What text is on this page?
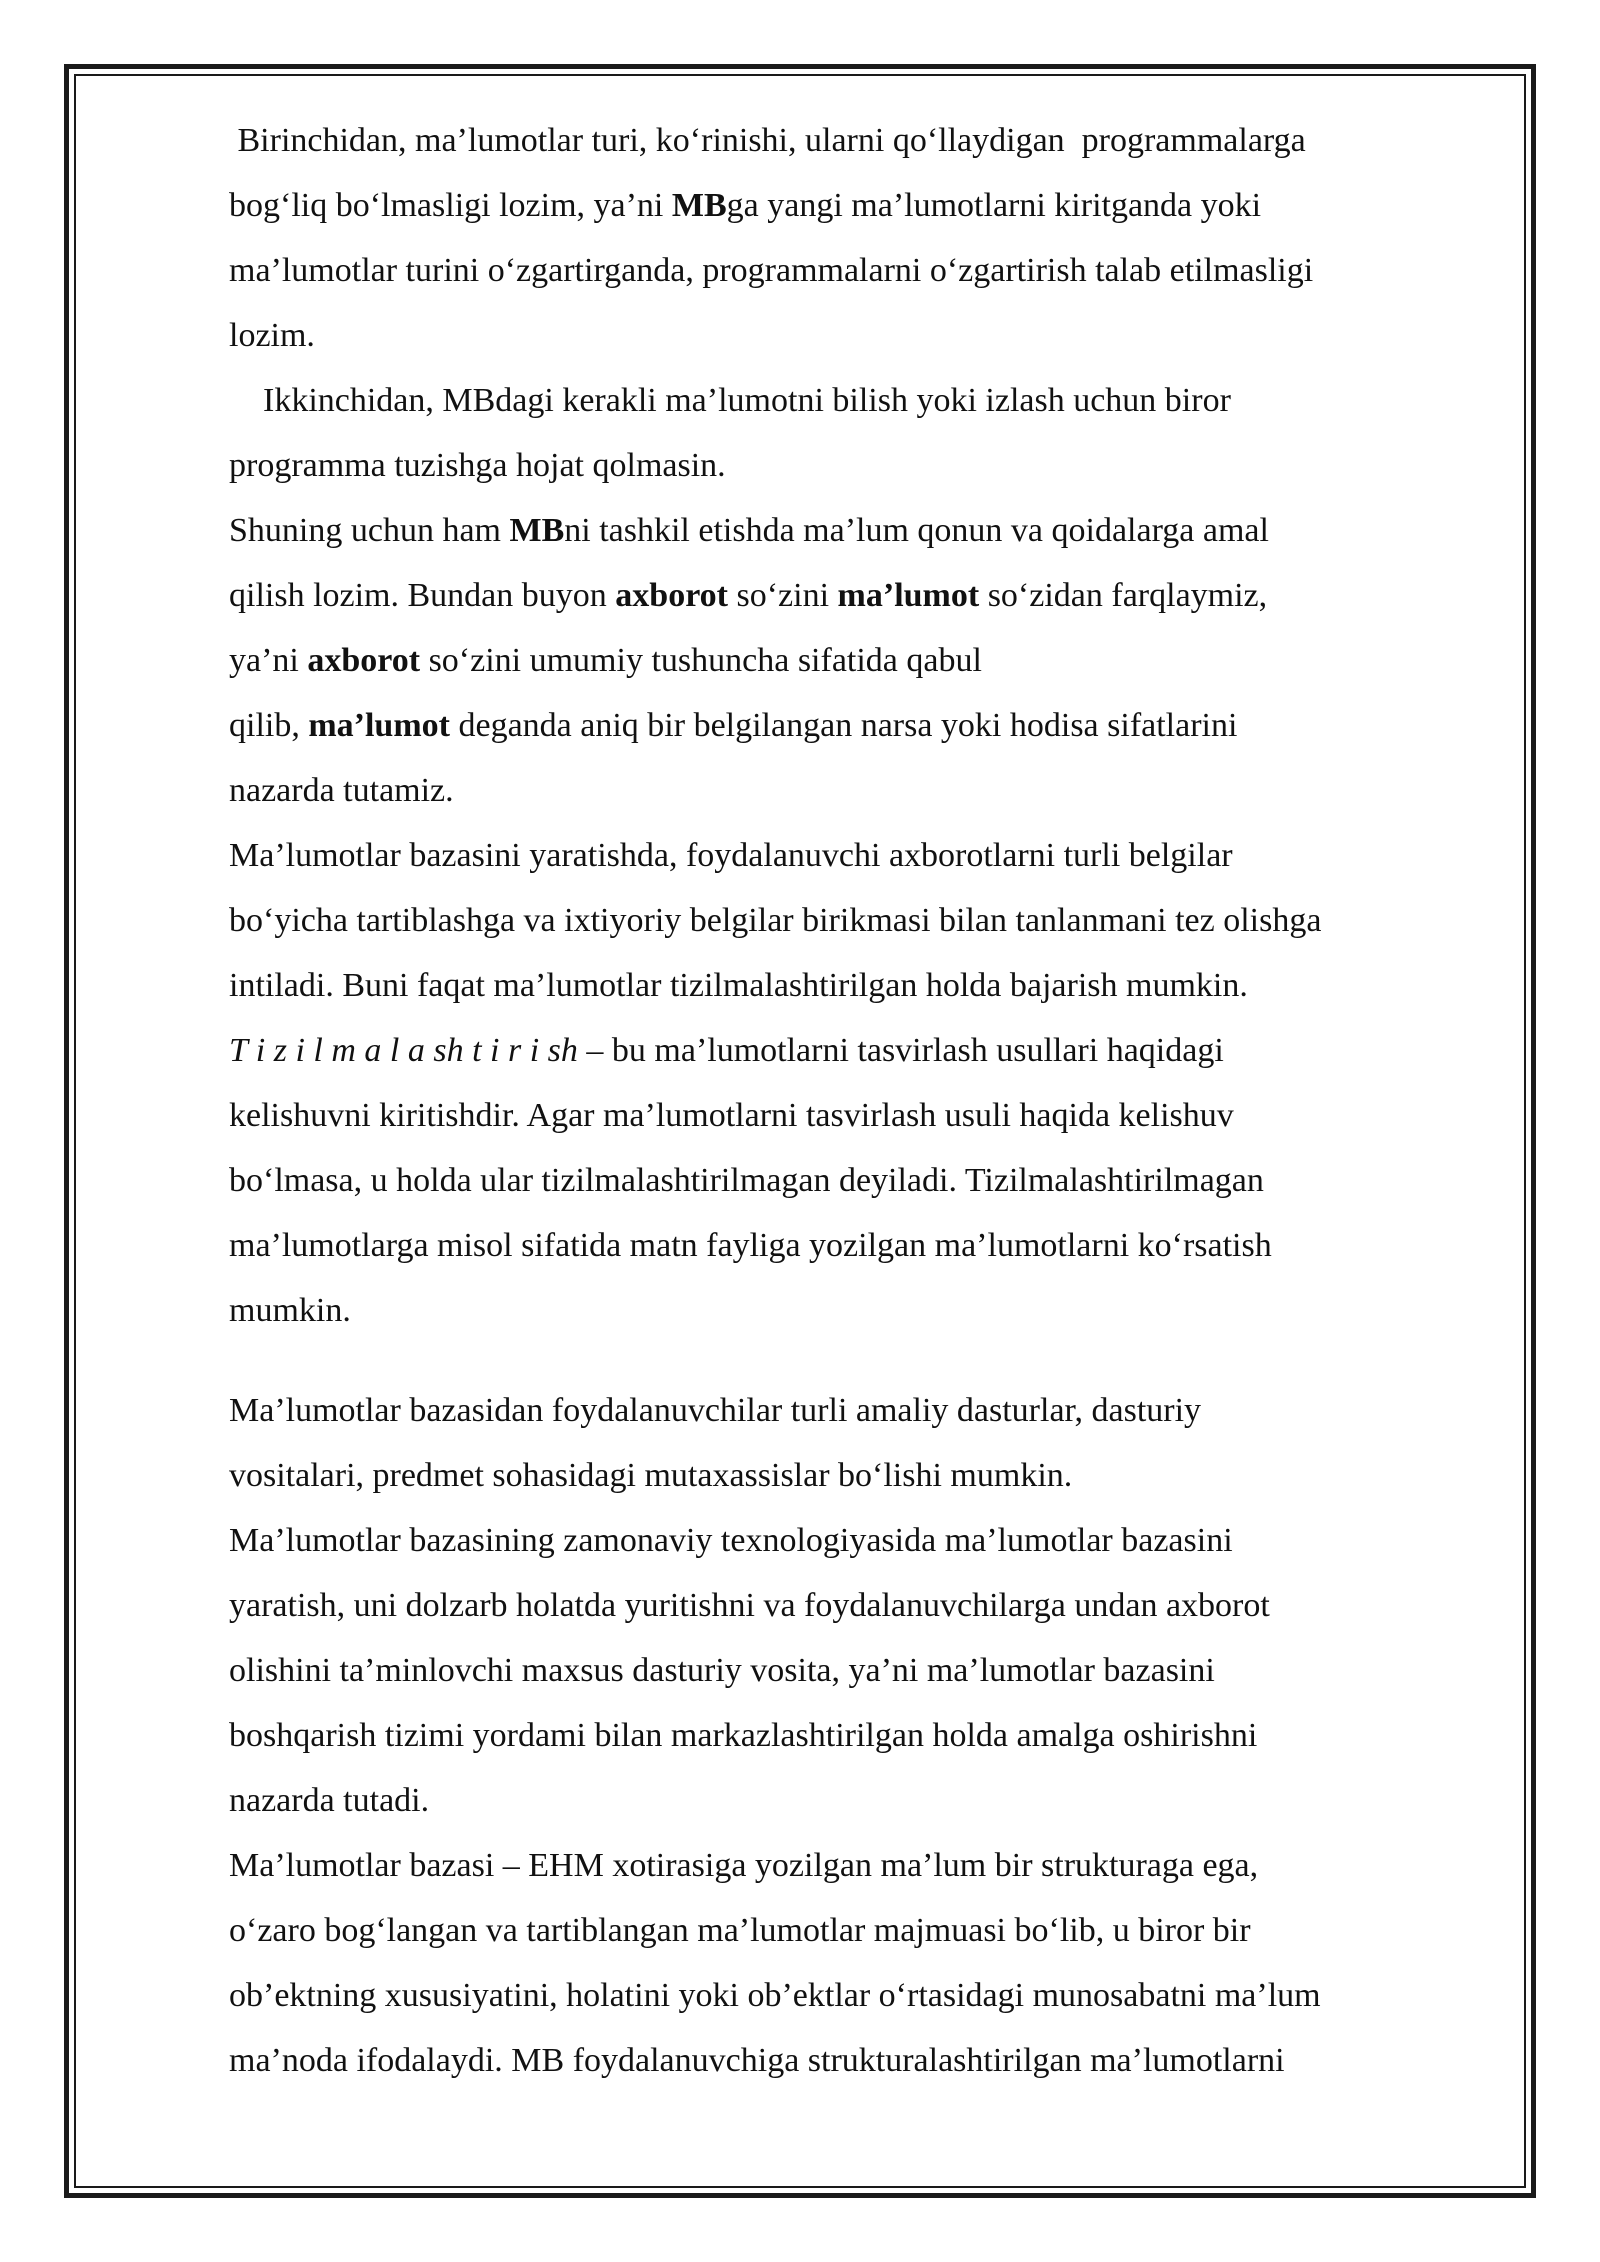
Birinchidan, ma’lumotlar turi, ko‘rinishi, ularni qo‘llaydigan  programmalarga
bog‘liq bo‘lmasligi lozim, ya’ni MBga yangi ma’lumotlarni kiritganda yoki
ma’lumotlar turini o‘zgartirganda, programmalarni o‘zgartirish talab etilmasligi
lozim.
Ikkinchidan, MBdagi kerakli ma’lumotni bilish yoki izlash uchun biror
programma tuzishga hojat qolmasin.
Shuning uchun ham MBni tashkil etishda ma’lum qonun va qoidalarga amal
qilish lozim. Bundan buyon axborot so‘zini ma’lumot so‘zidan farqlaymiz,
ya’ni axborot so‘zini umumiy tushuncha sifatida qabul
qilib, ma’lumot deganda aniq bir belgilangan narsa yoki hodisa sifatlarini
nazarda tutamiz.
Ma’lumotlar bazasini yaratishda, foydalanuvchi axborotlarni turli belgilar
bo‘yicha tartiblashga va ixtiyoriy belgilar birikmasi bilan tanlanmani tez olishga
intiladi. Buni faqat ma’lumotlar tizilmalashtirilgan holda bajarish mumkin.
T i z i l m a l a sh t i r i sh – bu ma’lumotlarni tasvirlash usullari haqidagi
kelishuvni kiritishdir. Agar ma’lumotlarni tasvirlash usuli haqida kelishuv
bo‘lmasa, u holda ular tizilmalashtirilmagan deyiladi. Tizilmalashtirilmagan
ma’lumotlarga misol sifatida matn fayliga yozilgan ma’lumotlarni ko‘rsatish
mumkin.
Ma’lumotlar bazasidan foydalanuvchilar turli amaliy dasturlar, dasturiy
vositalari, predmet sohasidagi mutaxassislar bo‘lishi mumkin.
Ma’lumotlar bazasining zamonaviy texnologiyasida ma’lumotlar bazasini
yaratish, uni dolzarb holatda yuritishni va foydalanuvchilarga undan axborot
olishini ta’minlovchi maxsus dasturiy vosita, ya’ni ma’lumotlar bazasini
boshqarish tizimi yordami bilan markazlashtirilgan holda amalga oshirishni
nazarda tutadi.
Ma’lumotlar bazasi – EHM xotirasiga yozilgan ma’lum bir strukturaga ega,
o‘zaro bog‘langan va tartiblangan ma’lumotlar majmuasi bo‘lib, u biror bir
ob’ektning xususiyatini, holatini yoki ob’ektlar o‘rtasidagi munosabatni ma’lum
ma’noda ifodalaydi. MB foydalanuvchiga strukturalashtirilgan ma’lumotlarni
